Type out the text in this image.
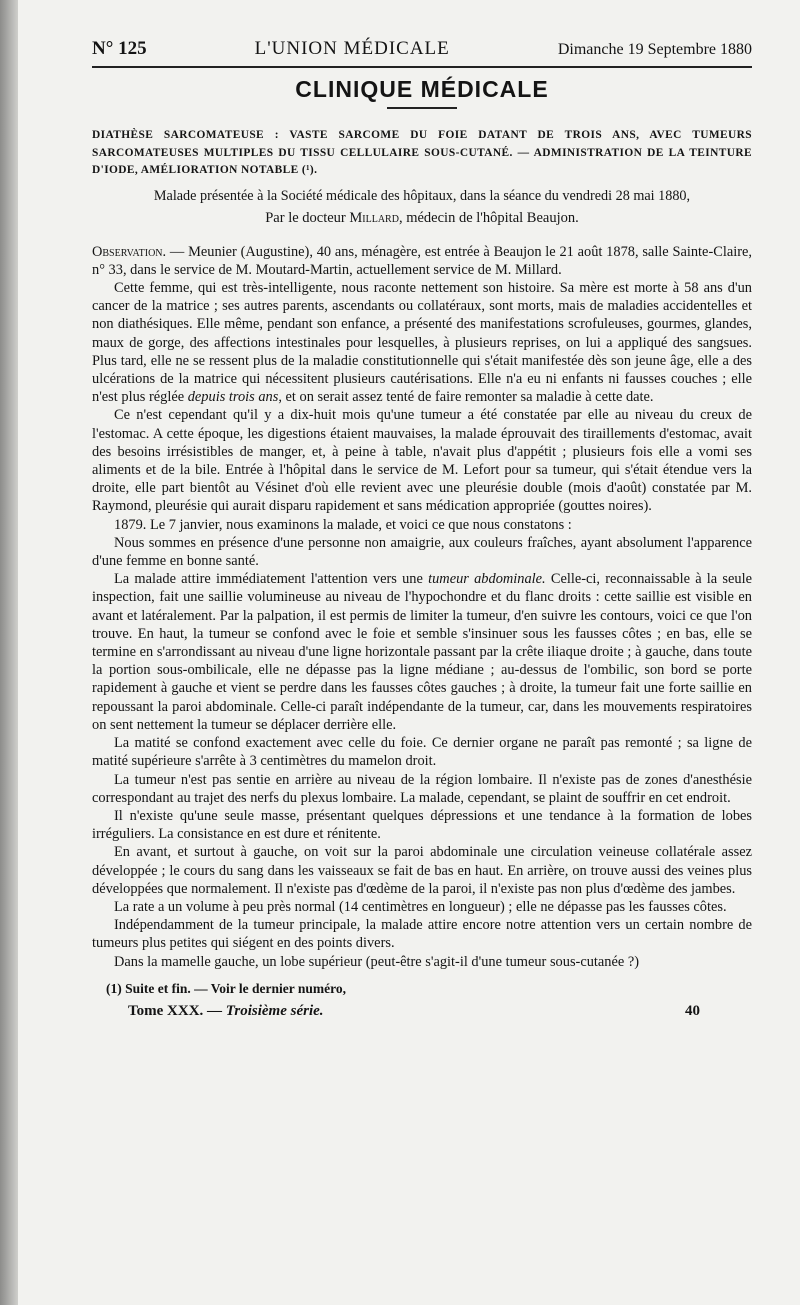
N° 125	L'UNION MÉDICALE	Dimanche 19 Septembre 1880
CLINIQUE MÉDICALE
DIATHÈSE SARCOMATEUSE : VASTE SARCOME DU FOIE DATANT DE TROIS ANS, AVEC TUMEURS SARCOMATEUSES MULTIPLES DU TISSU CELLULAIRE SOUS-CUTANÉ. — ADMINISTRATION DE LA TEINTURE D'IODE, AMÉLIORATION NOTABLE (¹).
Malade présentée à la Société médicale des hôpitaux, dans la séance du vendredi 28 mai 1880,
Par le docteur Millard, médecin de l'hôpital Beaujon.

Observation. — Meunier (Augustine), 40 ans, ménagère, est entrée à Beaujon le 21 août 1878, salle Sainte-Claire, n° 33, dans le service de M. Moutard-Martin, actuellement service de M. Millard.

Cette femme, qui est très-intelligente, nous raconte nettement son histoire. Sa mère est morte à 58 ans d'un cancer de la matrice ; ses autres parents, ascendants ou collatéraux, sont morts, mais de maladies accidentelles et non diathésiques. Elle même, pendant son enfance, a présenté des manifestations scrofuleuses, gourmes, glandes, maux de gorge, des affections intestinales pour lesquelles, à plusieurs reprises, on lui a appliqué des sangsues. Plus tard, elle ne se ressent plus de la maladie constitutionnelle qui s'était manifestée dès son jeune âge, elle a des ulcérations de la matrice qui nécessitent plusieurs cautérisations. Elle n'a eu ni enfants ni fausses couches ; elle n'est plus réglée depuis trois ans, et on serait assez tenté de faire remonter sa maladie à cette date.

Ce n'est cependant qu'il y a dix-huit mois qu'une tumeur a été constatée par elle au niveau du creux de l'estomac. A cette époque, les digestions étaient mauvaises, la malade éprouvait des tiraillements d'estomac, avait des besoins irrésistibles de manger, et, à peine à table, n'avait plus d'appétit ; plusieurs fois elle a vomi ses aliments et de la bile. Entrée à l'hôpital dans le service de M. Lefort pour sa tumeur, qui s'était étendue vers la droite, elle part bientôt au Vésinet d'où elle revient avec une pleurésie double (mois d'août) constatée par M. Raymond, pleurésie qui aurait disparu rapidement et sans médication appropriée (gouttes noires).

1879. Le 7 janvier, nous examinons la malade, et voici ce que nous constatons :

Nous sommes en présence d'une personne non amaigrie, aux couleurs fraîches, ayant absolument l'apparence d'une femme en bonne santé.

La malade attire immédiatement l'attention vers une tumeur abdominale. Celle-ci, reconnaissable à la seule inspection, fait une saillie volumineuse au niveau de l'hypochondre et du flanc droits : cette saillie est visible en avant et latéralement. Par la palpation, il est permis de limiter la tumeur, d'en suivre les contours, voici ce que l'on trouve. En haut, la tumeur se confond avec le foie et semble s'insinuer sous les fausses côtes ; en bas, elle se termine en s'arrondissant au niveau d'une ligne horizontale passant par la crête iliaque droite ; à gauche, dans toute la portion sous-ombilicale, elle ne dépasse pas la ligne médiane ; au-dessus de l'ombilic, son bord se porte rapidement à gauche et vient se perdre dans les fausses côtes gauches ; à droite, la tumeur fait une forte saillie en repoussant la paroi abdominale. Celle-ci paraît indépendante de la tumeur, car, dans les mouvements respiratoires on sent nettement la tumeur se déplacer derrière elle.

La matité se confond exactement avec celle du foie. Ce dernier organe ne paraît pas remonté ; sa ligne de matité supérieure s'arrête à 3 centimètres du mamelon droit.

La tumeur n'est pas sentie en arrière au niveau de la région lombaire. Il n'existe pas de zones d'anesthésie correspondant au trajet des nerfs du plexus lombaire. La malade, cependant, se plaint de souffrir en cet endroit.

Il n'existe qu'une seule masse, présentant quelques dépressions et une tendance à la formation de lobes irréguliers. La consistance en est dure et rénitente.

En avant, et surtout à gauche, on voit sur la paroi abdominale une circulation veineuse collatérale assez développée ; le cours du sang dans les vaisseaux se fait de bas en haut. En arrière, on trouve aussi des veines plus développées que normalement. Il n'existe pas d'œdème de la paroi, il n'existe pas non plus d'œdème des jambes.

La rate a un volume à peu près normal (14 centimètres en longueur) ; elle ne dépasse pas les fausses côtes.

Indépendamment de la tumeur principale, la malade attire encore notre attention vers un certain nombre de tumeurs plus petites qui siégent en des points divers.

Dans la mamelle gauche, un lobe supérieur (peut-être s'agit-il d'une tumeur sous-cutanée ?)

(1) Suite et fin. — Voir le dernier numéro,
Tome XXX. — Troisième série.	40
